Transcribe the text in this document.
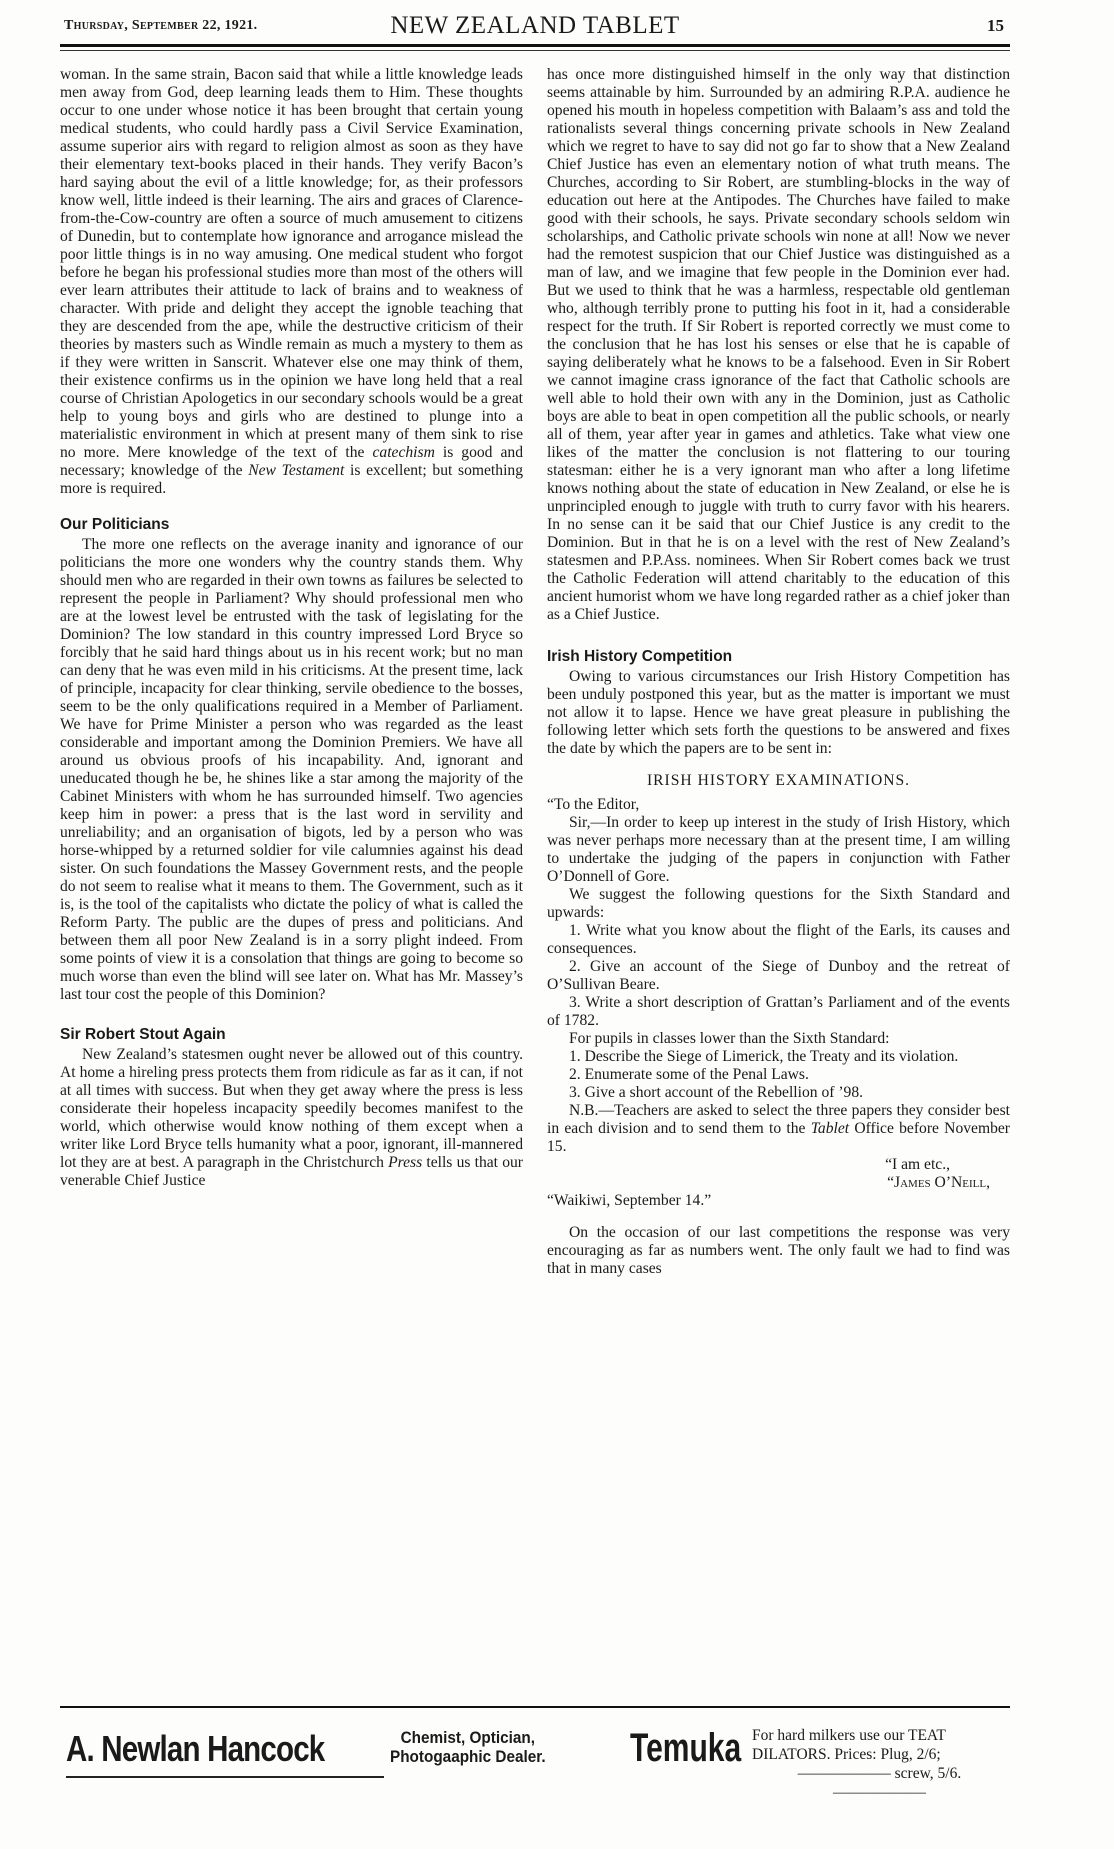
Thursday, September 22, 1921.	NEW ZEALAND TABLET	15

woman. In the same strain, Bacon said that while a little knowledge leads men away from God, deep learning leads them to Him. These thoughts occur to one under whose notice it has been brought that certain young medical students, who could hardly pass a Civil Service Examination, assume superior airs with regard to religion almost as soon as they have their elementary text-books placed in their hands. They verify Bacon’s hard saying about the evil of a little knowledge; for, as their professors know well, little indeed is their learning. The airs and graces of Clarence-from-the-Cow-country are often a source of much amusement to citizens of Dunedin, but to contemplate how ignorance and arrogance mislead the poor little things is in no way amusing. One medical student who forgot before he began his professional studies more than most of the others will ever learn attributes their attitude to lack of brains and to weakness of character. With pride and delight they accept the ignoble teaching that they are descended from the ape, while the destructive criticism of their theories by masters such as Windle remain as much a mystery to them as if they were written in Sanscrit. Whatever else one may think of them, their existence confirms us in the opinion we have long held that a real course of Christian Apologetics in our secondary schools would be a great help to young boys and girls who are destined to plunge into a materialistic environment in which at present many of them sink to rise no more. Mere knowledge of the text of the catechism is good and necessary; knowledge of the New Testament is excellent; but something more is required.

Our Politicians

The more one reflects on the average inanity and ignorance of our politicians the more one wonders why the country stands them. Why should men who are regarded in their own towns as failures be selected to represent the people in Parliament? Why should professional men who are at the lowest level be entrusted with the task of legislating for the Dominion? The low standard in this country impressed Lord Bryce so forcibly that he said hard things about us in his recent work; but no man can deny that he was even mild in his criticisms. At the present time, lack of principle, incapacity for clear thinking, servile obedience to the bosses, seem to be the only qualifications required in a Member of Parliament. We have for Prime Minister a person who was regarded as the least considerable and important among the Dominion Premiers. We have all around us obvious proofs of his incapability. And, ignorant and uneducated though he be, he shines like a star among the majority of the Cabinet Ministers with whom he has surrounded himself. Two agencies keep him in power: a press that is the last word in servility and unreliability; and an organisation of bigots, led by a person who was horse-whipped by a returned soldier for vile calumnies against his dead sister. On such foundations the Massey Government rests, and the people do not seem to realise what it means to them. The Government, such as it is, is the tool of the capitalists who dictate the policy of what is called the Reform Party. The public are the dupes of press and politicians. And between them all poor New Zealand is in a sorry plight indeed. From some points of view it is a consolation that things are going to become so much worse than even the blind will see later on. What has Mr. Massey’s last tour cost the people of this Dominion?

Sir Robert Stout Again

New Zealand’s statesmen ought never be allowed out of this country. At home a hireling press protects them from ridicule as far as it can, if not at all times with success. But when they get away where the press is less considerate their hopeless incapacity speedily becomes manifest to the world, which otherwise would know nothing of them except when a writer like Lord Bryce tells humanity what a poor, ignorant, ill-mannered lot they are at best. A paragraph in the Christchurch Press tells us that our venerable Chief Justice

has once more distinguished himself in the only way that distinction seems attainable by him. Surrounded by an admiring R.P.A. audience he opened his mouth in hopeless competition with Balaam’s ass and told the rationalists several things concerning private schools in New Zealand which we regret to have to say did not go far to show that a New Zealand Chief Justice has even an elementary notion of what truth means. The Churches, according to Sir Robert, are stumbling-blocks in the way of education out here at the Antipodes. The Churches have failed to make good with their schools, he says. Private secondary schools seldom win scholarships, and Catholic private schools win none at all! Now we never had the remotest suspicion that our Chief Justice was distinguished as a man of law, and we imagine that few people in the Dominion ever had. But we used to think that he was a harmless, respectable old gentleman who, although terribly prone to putting his foot in it, had a considerable respect for the truth. If Sir Robert is reported correctly we must come to the conclusion that he has lost his senses or else that he is capable of saying deliberately what he knows to be a falsehood. Even in Sir Robert we cannot imagine crass ignorance of the fact that Catholic schools are well able to hold their own with any in the Dominion, just as Catholic boys are able to beat in open competition all the public schools, or nearly all of them, year after year in games and athletics. Take what view one likes of the matter the conclusion is not flattering to our touring statesman: either he is a very ignorant man who after a long lifetime knows nothing about the state of education in New Zealand, or else he is unprincipled enough to juggle with truth to curry favor with his hearers. In no sense can it be said that our Chief Justice is any credit to the Dominion. But in that he is on a level with the rest of New Zealand’s statesmen and P.P.Ass. nominees. When Sir Robert comes back we trust the Catholic Federation will attend charitably to the education of this ancient humorist whom we have long regarded rather as a chief joker than as a Chief Justice.

Irish History Competition

Owing to various circumstances our Irish History Competition has been unduly postponed this year, but as the matter is important we must not allow it to lapse. Hence we have great pleasure in publishing the following letter which sets forth the questions to be answered and fixes the date by which the papers are to be sent in:

IRISH HISTORY EXAMINATIONS.

“To the Editor,

Sir,—In order to keep up interest in the study of Irish History, which was never perhaps more necessary than at the present time, I am willing to undertake the judging of the papers in conjunction with Father O’Donnell of Gore.

We suggest the following questions for the Sixth Standard and upwards:

1. Write what you know about the flight of the Earls, its causes and consequences.

2. Give an account of the Siege of Dunboy and the retreat of O’Sullivan Beare.

3. Write a short description of Grattan’s Parliament and of the events of 1782.

For pupils in classes lower than the Sixth Standard:

1. Describe the Siege of Limerick, the Treaty and its violation.

2. Enumerate some of the Penal Laws.

3. Give a short account of the Rebellion of ’98.

N.B.—Teachers are asked to select the three papers they consider best in each division and to send them to the Tablet Office before November 15.

“I am etc.,

“James O’Neill,

“Waikiwi, September 14.”

On the occasion of our last competitions the response was very encouraging as far as numbers went. The only fault we had to find was that in many cases

A. Newlan Hancock	Chemist, Optician,
Photogaaphic Dealer. Temuka For hard milkers use our TEAT
DILATORS. Prices: Plug, 2/6;
—————— screw, 5/6. ——————
